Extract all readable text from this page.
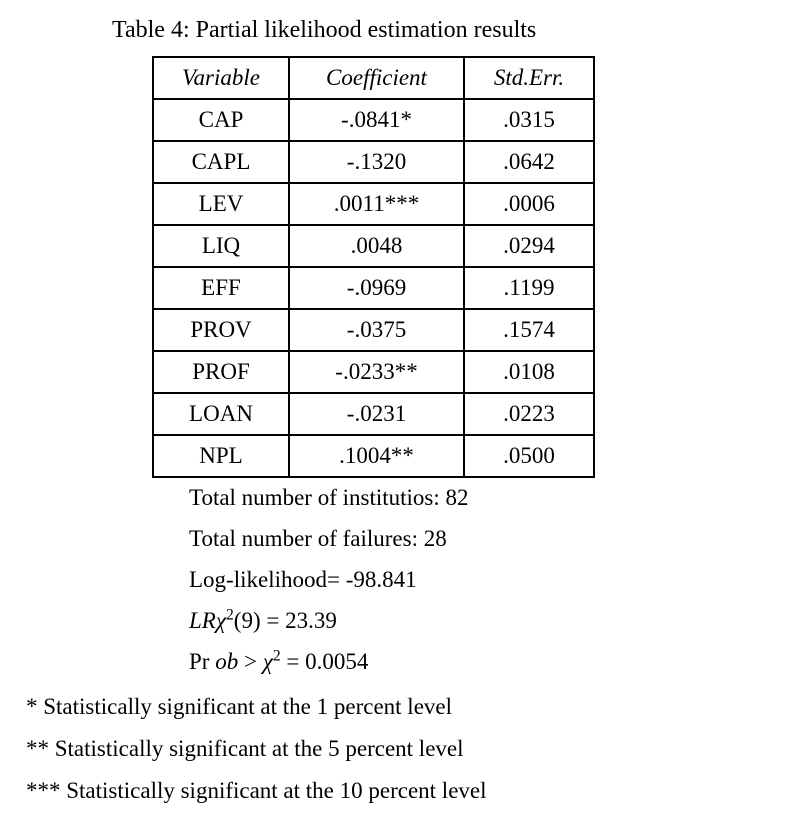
Table 4: Partial likelihood estimation results
Variable	Coefficient	Std.Err.
CAP	-.0841*	.0315
CAPL	-.1320	.0642
LEV	.0011***	.0006
LIQ	.0048	.0294
EFF	-.0969	.1199
PROV	-.0375	.1574
PROF	-.0233**	.0108
LOAN	-.0231	.0223
NPL	.1004**	.0500
Total number of institutios: 82
Total number of failures: 28
Log-likelihood= -98.841
LRχ$^2$(9) = 23.39
Pr ob > $\chi^2 = 0.0054$
* Statistically significant at the 1 percent level
** Statistically significant at the 5 percent level
*** Statistically significant at the 10 percent level
